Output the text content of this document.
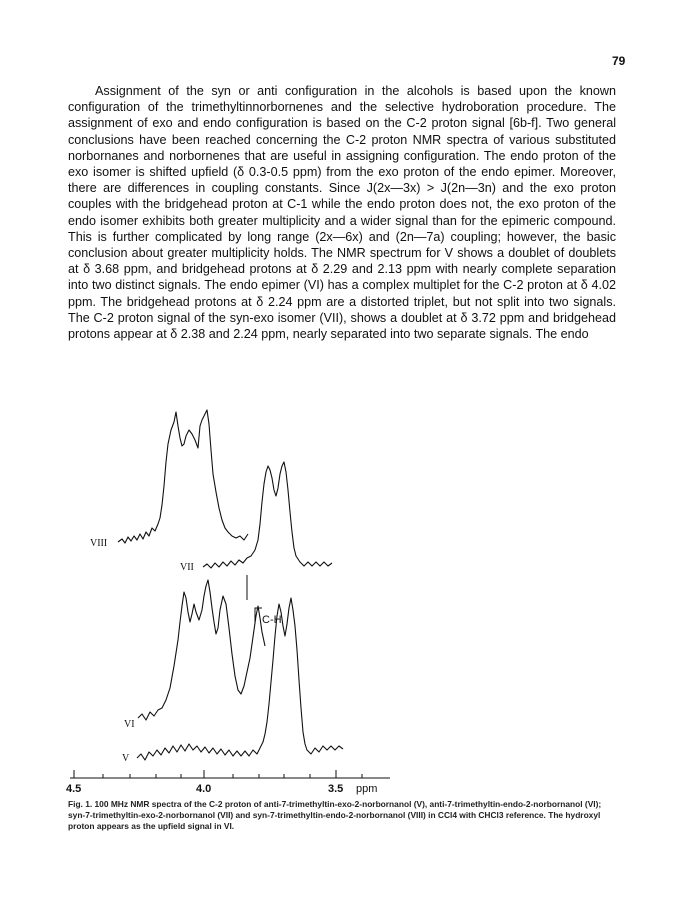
79

Assignment of the syn or anti configuration in the alcohols is based upon the known configuration of the trimethyltinnorbornenes and the selective hydroboration procedure. The assignment of exo and endo configuration is based on the C-2 proton signal [6b-f]. Two general conclusions have been reached concerning the C-2 proton NMR spectra of various substituted norbornanes and norbornenes that are useful in assigning configuration. The endo proton of the exo isomer is shifted upfield (δ 0.3-0.5 ppm) from the exo proton of the endo epimer. Moreover, there are differences in coupling constants. Since J(2x—3x) > J(2n—3n) and the exo proton couples with the bridgehead proton at C-1 while the endo proton does not, the exo proton of the endo isomer exhibits both greater multiplicity and a wider signal than for the epimeric compound. This is further complicated by long range (2x—6x) and (2n—7a) coupling; however, the basic conclusion about greater multiplicity holds. The NMR spectrum for V shows a doublet of doublets at δ 3.68 ppm, and bridgehead protons at δ 2.29 and 2.13 ppm with nearly complete separation into two distinct signals. The endo epimer (VI) has a complex multiplet for the C-2 proton at δ 4.02 ppm. The bridgehead protons at δ 2.24 ppm are a distorted triplet, but not split into two signals. The C-2 proton signal of the syn-exo isomer (VII), shows a doublet at δ 3.72 ppm and bridgehead protons appear at δ 2.38 and 2.24 ppm, nearly separated into two separate signals. The endo

C-H
VIII
VII
VI
V
4.5	4.0	3.5 ppm
Fig. 1. 100 MHz NMR spectra of the C-2 proton of anti-7-trimethyltin-exo-2-norbornanol (V), anti-7-trimethyltin-endo-2-norbornanol (VI); syn-7-trimethyltin-exo-2-norbornanol (VII) and syn-7-trimethyltin-endo-2-norbornanol (VIII) in CCl4 with CHCl3 reference. The hydroxyl proton appears as the upfield signal in VI.
